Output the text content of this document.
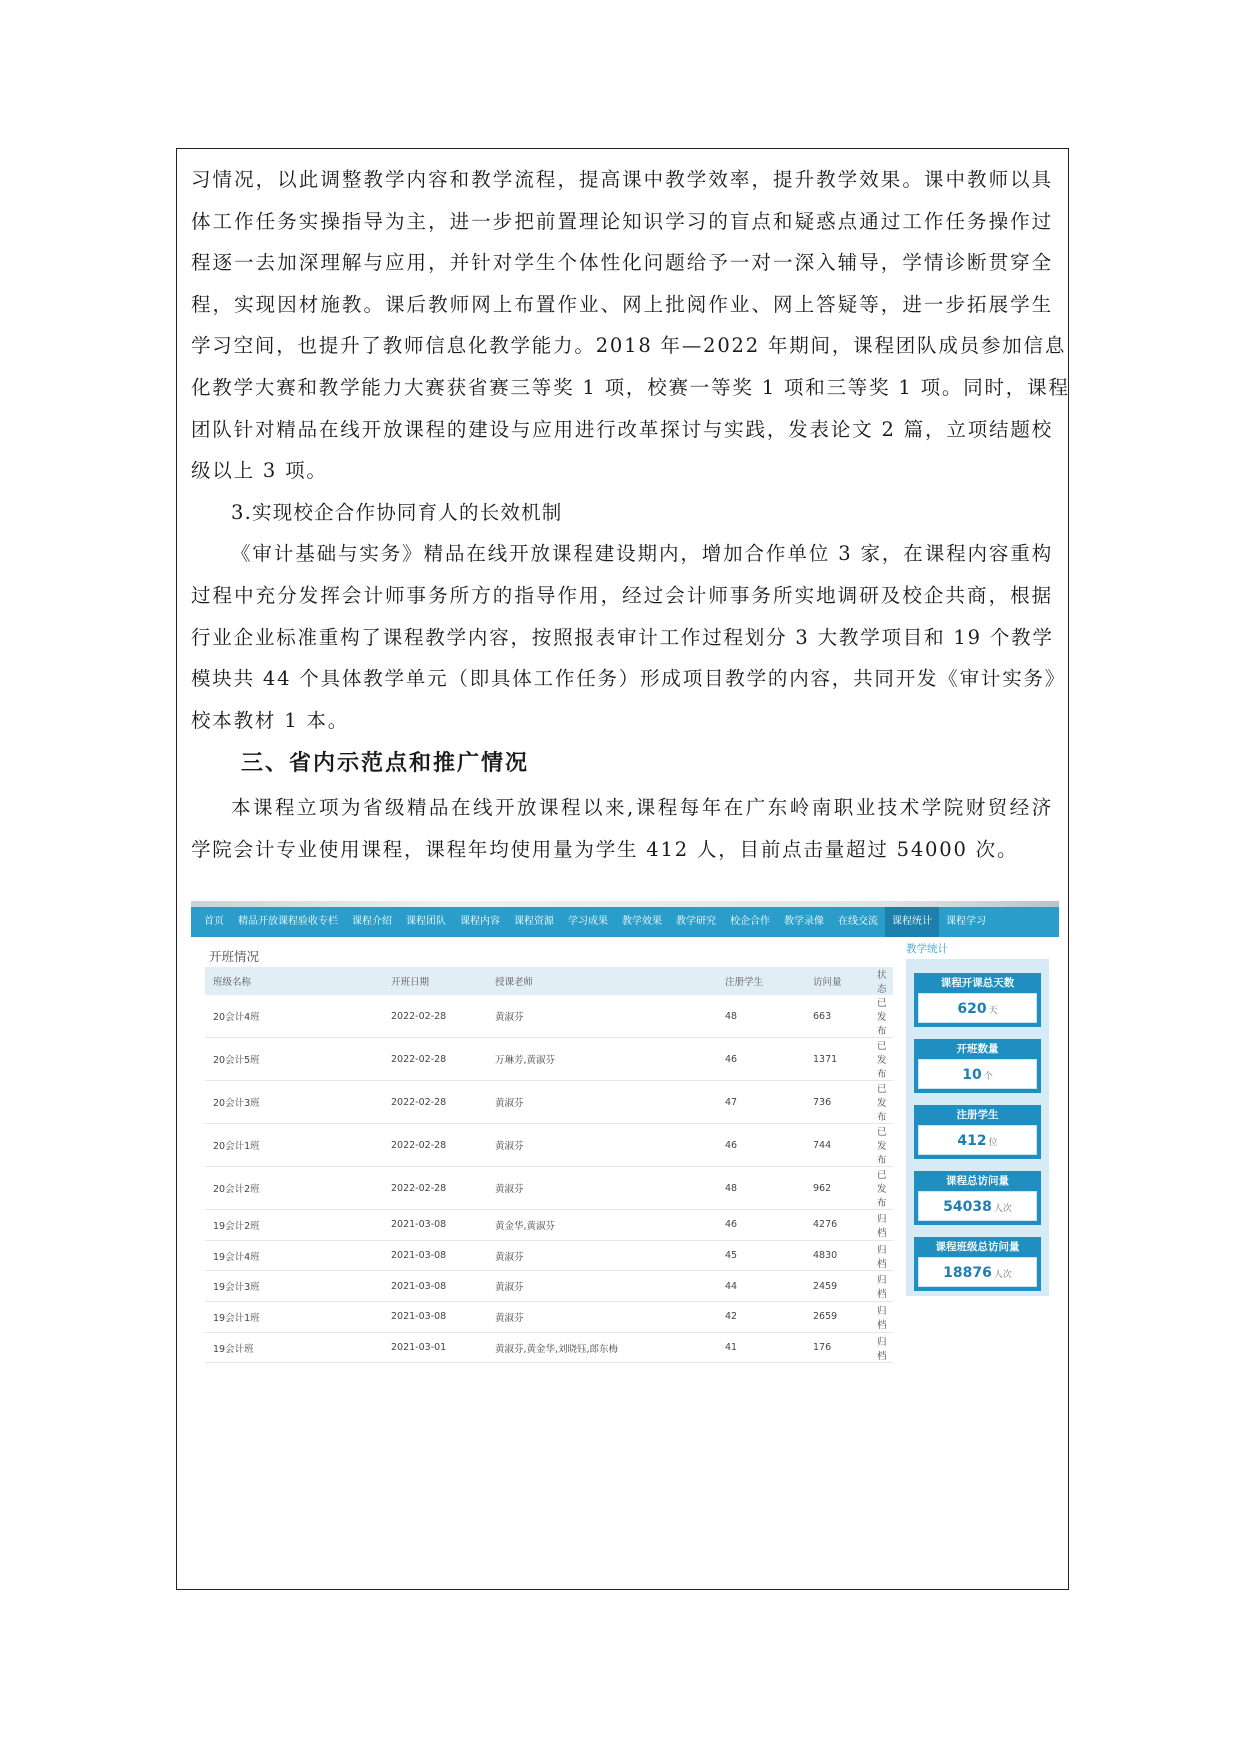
习情况，以此调整教学内容和教学流程，提高课中教学效率，提升教学效果。课中教师以具
体工作任务实操指导为主，进一步把前置理论知识学习的盲点和疑惑点通过工作任务操作过
程逐一去加深理解与应用，并针对学生个体性化问题给予一对一深入辅导，学情诊断贯穿全
程，实现因材施教。课后教师网上布置作业、网上批阅作业、网上答疑等，进一步拓展学生
学习空间，也提升了教师信息化教学能力。2018 年—2022 年期间，课程团队成员参加信息
化教学大赛和教学能力大赛获省赛三等奖 1 项，校赛一等奖 1 项和三等奖 1 项。同时，课程
团队针对精品在线开放课程的建设与应用进行改革探讨与实践，发表论文 2 篇，立项结题校
级以上 3 项。

3.实现校企合作协同育人的长效机制

《审计基础与实务》精品在线开放课程建设期内，增加合作单位 3 家，在课程内容重构
过程中充分发挥会计师事务所方的指导作用，经过会计师事务所实地调研及校企共商，根据
行业企业标准重构了课程教学内容，按照报表审计工作过程划分 3 大教学项目和 19 个教学
模块共 44 个具体教学单元（即具体工作任务）形成项目教学的内容，共同开发《审计实务》
校本教材 1 本。

三、省内示范点和推广情况

本课程立项为省级精品在线开放课程以来,课程每年在广东岭南职业技术学院财贸经济
学院会计专业使用课程，课程年均使用量为学生 412 人，目前点击量超过 54000 次。

首页	精品开放课程验收专栏	课程介绍	课程团队	课程内容	课程资源	学习成果	教学效果	教学研究	校企合作	教学录像	在线交流	课程统计	课程学习
开班情况
班级名称	开班日期	授课老师	注册学生	访问量	状态
20会计4班	2022-02-28	黄淑芬	48	663	已发布
20会计5班	2022-02-28	万琳芳,黄淑芬	46	1371	已发布
20会计3班	2022-02-28	黄淑芬	47	736	已发布
20会计1班	2022-02-28	黄淑芬	46	744	已发布
20会计2班	2022-02-28	黄淑芬	48	962	已发布
19会计2班	2021-03-08	黄金华,黄淑芬	46	4276	归档
19会计4班	2021-03-08	黄淑芬	45	4830	归档
19会计3班	2021-03-08	黄淑芬	44	2459	归档
19会计1班	2021-03-08	黄淑芬	42	2659	归档
19会计班	2021-03-01	黄淑芬,黄金华,刘晓钰,郎东梅	41	176	归档
教学统计
课程开课总天数
620 天
开班数量
10 个
注册学生
412 位
课程总访问量
54038 人次
课程班级总访问量
18876 人次
